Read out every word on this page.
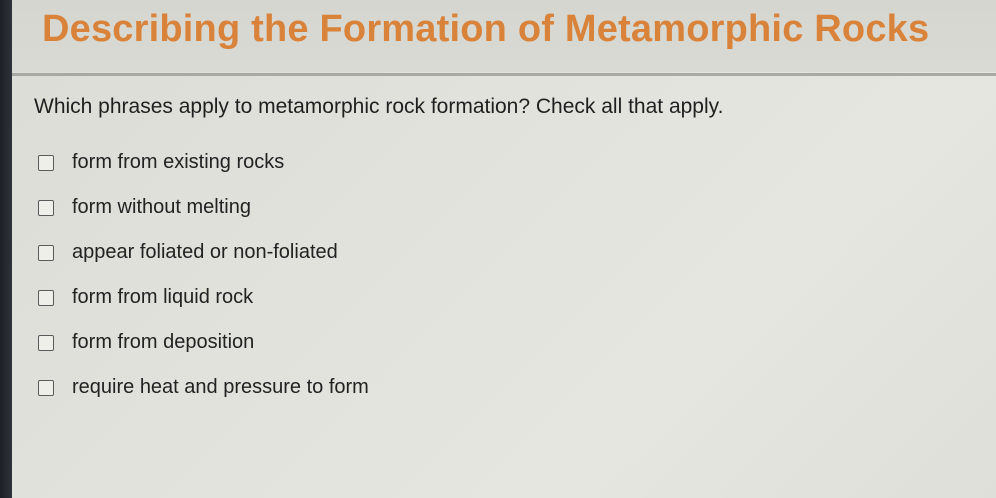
Describing the Formation of Metamorphic Rocks

Which phrases apply to metamorphic rock formation? Check all that apply.

form from existing rocks
form without melting
appear foliated or non-foliated
form from liquid rock
form from deposition
require heat and pressure to form
